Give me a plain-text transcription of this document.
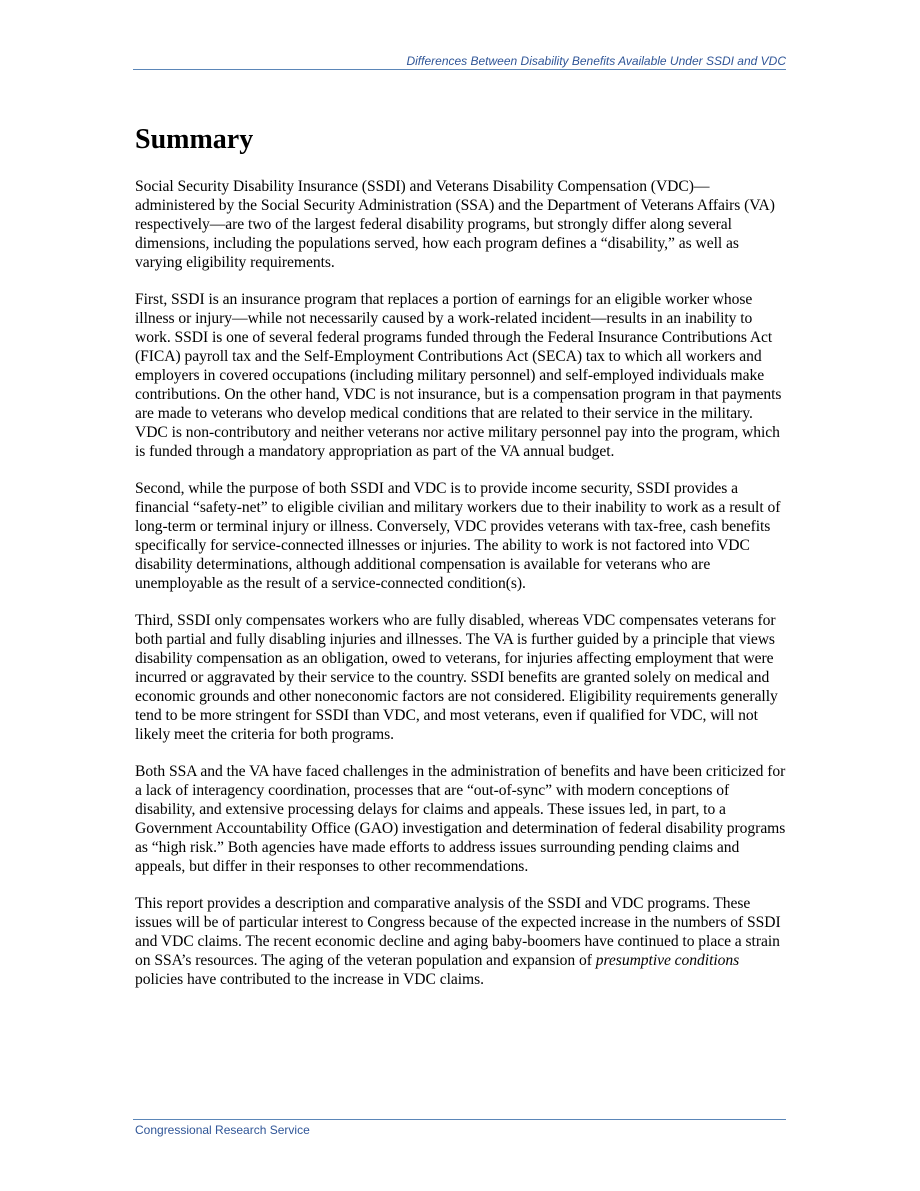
Differences Between Disability Benefits Available Under SSDI and VDC
Summary

Social Security Disability Insurance (SSDI) and Veterans Disability Compensation (VDC)—administered by the Social Security Administration (SSA) and the Department of Veterans Affairs (VA) respectively—are two of the largest federal disability programs, but strongly differ along several dimensions, including the populations served, how each program defines a “disability,” as well as varying eligibility requirements.

First, SSDI is an insurance program that replaces a portion of earnings for an eligible worker whose illness or injury—while not necessarily caused by a work-related incident—results in an inability to work. SSDI is one of several federal programs funded through the Federal Insurance Contributions Act (FICA) payroll tax and the Self-Employment Contributions Act (SECA) tax to which all workers and employers in covered occupations (including military personnel) and self-employed individuals make contributions. On the other hand, VDC is not insurance, but is a compensation program in that payments are made to veterans who develop medical conditions that are related to their service in the military. VDC is non-contributory and neither veterans nor active military personnel pay into the program, which is funded through a mandatory appropriation as part of the VA annual budget.

Second, while the purpose of both SSDI and VDC is to provide income security, SSDI provides a financial “safety-net” to eligible civilian and military workers due to their inability to work as a result of long-term or terminal injury or illness. Conversely, VDC provides veterans with tax-free, cash benefits specifically for service-connected illnesses or injuries. The ability to work is not factored into VDC disability determinations, although additional compensation is available for veterans who are unemployable as the result of a service-connected condition(s).

Third, SSDI only compensates workers who are fully disabled, whereas VDC compensates veterans for both partial and fully disabling injuries and illnesses. The VA is further guided by a principle that views disability compensation as an obligation, owed to veterans, for injuries affecting employment that were incurred or aggravated by their service to the country. SSDI benefits are granted solely on medical and economic grounds and other noneconomic factors are not considered. Eligibility requirements generally tend to be more stringent for SSDI than VDC, and most veterans, even if qualified for VDC, will not likely meet the criteria for both programs.

Both SSA and the VA have faced challenges in the administration of benefits and have been criticized for a lack of interagency coordination, processes that are “out-of-sync” with modern conceptions of disability, and extensive processing delays for claims and appeals. These issues led, in part, to a Government Accountability Office (GAO) investigation and determination of federal disability programs as “high risk.” Both agencies have made efforts to address issues surrounding pending claims and appeals, but differ in their responses to other recommendations.

This report provides a description and comparative analysis of the SSDI and VDC programs. These issues will be of particular interest to Congress because of the expected increase in the numbers of SSDI and VDC claims. The recent economic decline and aging baby-boomers have continued to place a strain on SSA’s resources. The aging of the veteran population and expansion of presumptive conditions policies have contributed to the increase in VDC claims.

Congressional Research Service
